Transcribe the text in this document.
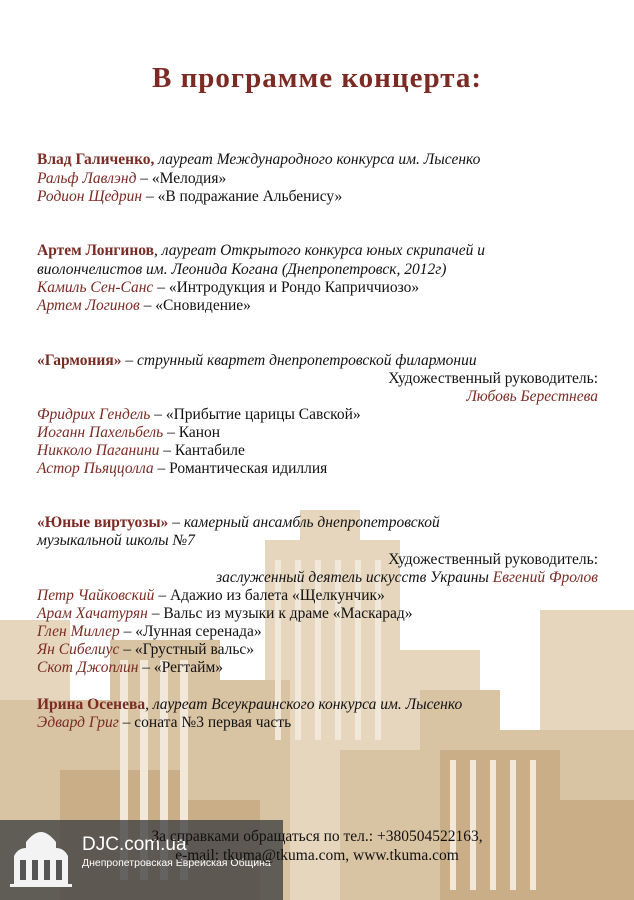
В программе концерта:
Влад Галиченко, лауреат Международного конкурса им. Лысенко
Ральф Лавлэнд – «Мелодия»
Родион Щедрин – «В подражание Альбенису»
Артем Лонгинов, лауреат Открытого конкурса юных скрипачей и
виолончелистов им. Леонида Когана (Днепропетровск, 2012г)
Камиль Сен-Санс – «Интродукция и Рондо Каприччиозо»
Артем Логинов – «Сновидение»
«Гармония» – струнный квартет днепропетровской филармонии
Художественный руководитель:
Любовь Берестнева
Фридрих Гендель – «Прибытие царицы Савской»
Иоганн Пахельбель – Канон
Никколо Паганини – Кантабиле
Астор Пьяццолла – Романтическая идиллия
«Юные виртуозы» – камерный ансамбль днепропетровской
музыкальной школы №7
Художественный руководитель:
заслуженный деятель искусств Украины Евгений Фролов
Петр Чайковский – Адажио из балета «Щелкунчик»
Арам Хачатурян – Вальс из музыки к драме «Маскарад»
Глен Миллер – «Лунная серенада»
Ян Сибелиус – «Грустный вальс»
Скот Джоплин – «Регтайм»
Ирина Осенева, лауреат Всеукраинского конкурса им. Лысенко
Эдвард Григ – соната №3 первая часть
За справками обращаться по тел.: +380504522163,
e-mail: tkuma@tkuma.com, www.tkuma.com
DJC.com.ua
Днепропетровская Еврейская Община
